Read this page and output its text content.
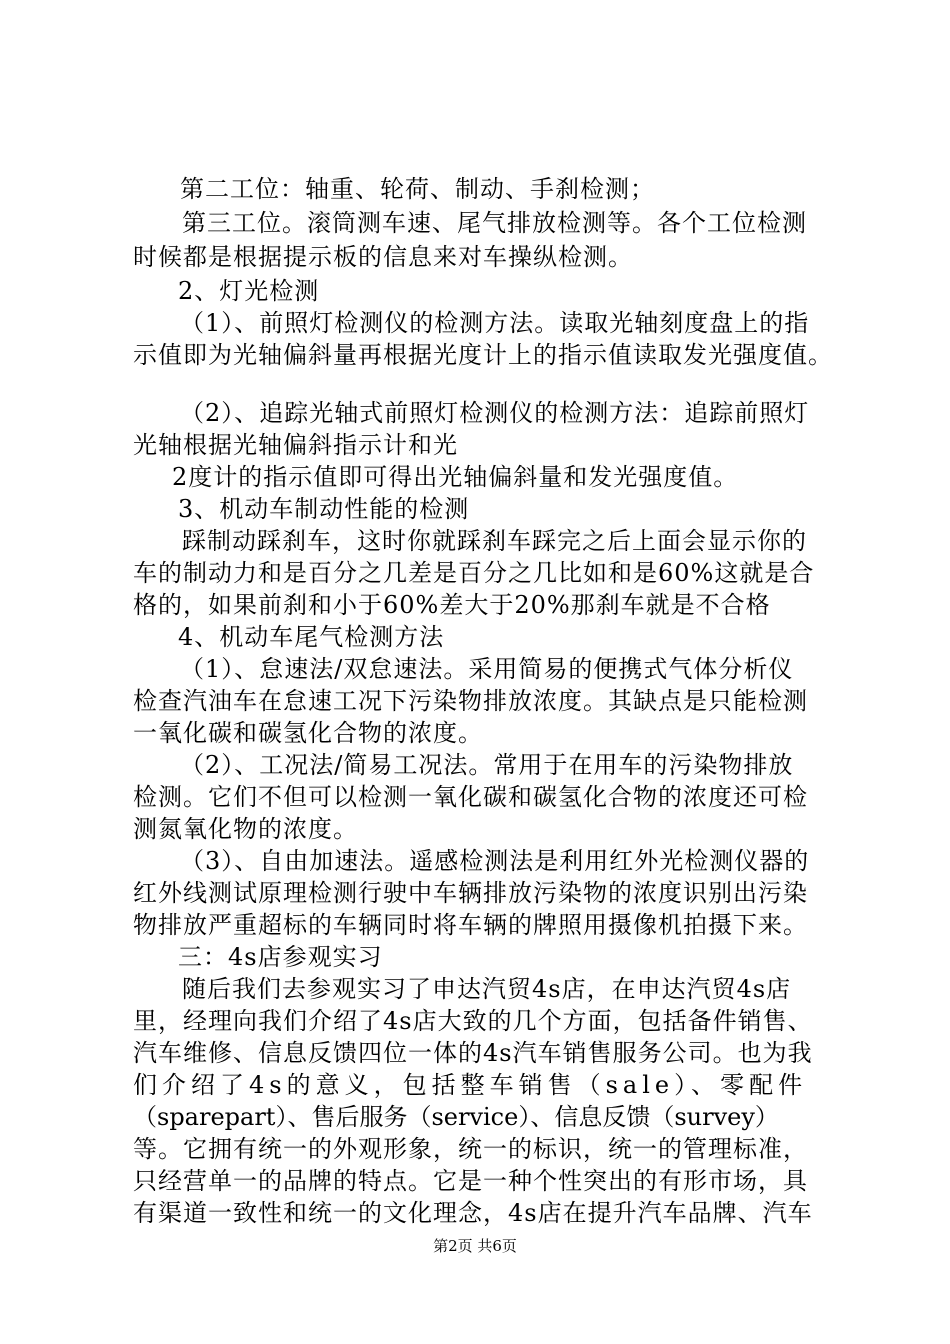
第二工位：轴重、轮荷、制动、手刹检测；
第三工位。滚筒测车速、尾气排放检测等。各个工位检测
时候都是根据提示板的信息来对车操纵检测。
2、灯光检测
（1）、前照灯检测仪的检测方法。读取光轴刻度盘上的指
示值即为光轴偏斜量再根据光度计上的指示值读取发光强度值。
（2）、追踪光轴式前照灯检测仪的检测方法：追踪前照灯
光轴根据光轴偏斜指示计和光
2度计的指示值即可得出光轴偏斜量和发光强度值。
3、机动车制动性能的检测
踩制动踩刹车，这时你就踩刹车踩完之后上面会显示你的
车的制动力和是百分之几差是百分之几比如和是60%这就是合
格的，如果前刹和小于60%差大于20%那刹车就是不合格
4、机动车尾气检测方法
（1）、怠速法/双怠速法。采用简易的便携式气体分析仪
检查汽油车在怠速工况下污染物排放浓度。其缺点是只能检测
一氧化碳和碳氢化合物的浓度。
（2）、工况法/简易工况法。常用于在用车的污染物排放
检测。它们不但可以检测一氧化碳和碳氢化合物的浓度还可检
测氮氧化物的浓度。
（3）、自由加速法。遥感检测法是利用红外光检测仪器的
红外线测试原理检测行驶中车辆排放污染物的浓度识别出污染
物排放严重超标的车辆同时将车辆的牌照用摄像机拍摄下来。
三：4s店参观实习
随后我们去参观实习了申达汽贸4s店，在申达汽贸4s店
里，经理向我们介绍了4s店大致的几个方面，包括备件销售、
汽车维修、信息反馈四位一体的4s汽车销售服务公司。也为我
们介绍了4s的意义，包括整车销售（sale）、零配件
（sparepart）、售后服务（service）、信息反馈（survey）
等。它拥有统一的外观形象，统一的标识，统一的管理标准，
只经营单一的品牌的特点。它是一种个性突出的有形市场，具
有渠道一致性和统一的文化理念，4s店在提升汽车品牌、汽车
第2页 共6页
